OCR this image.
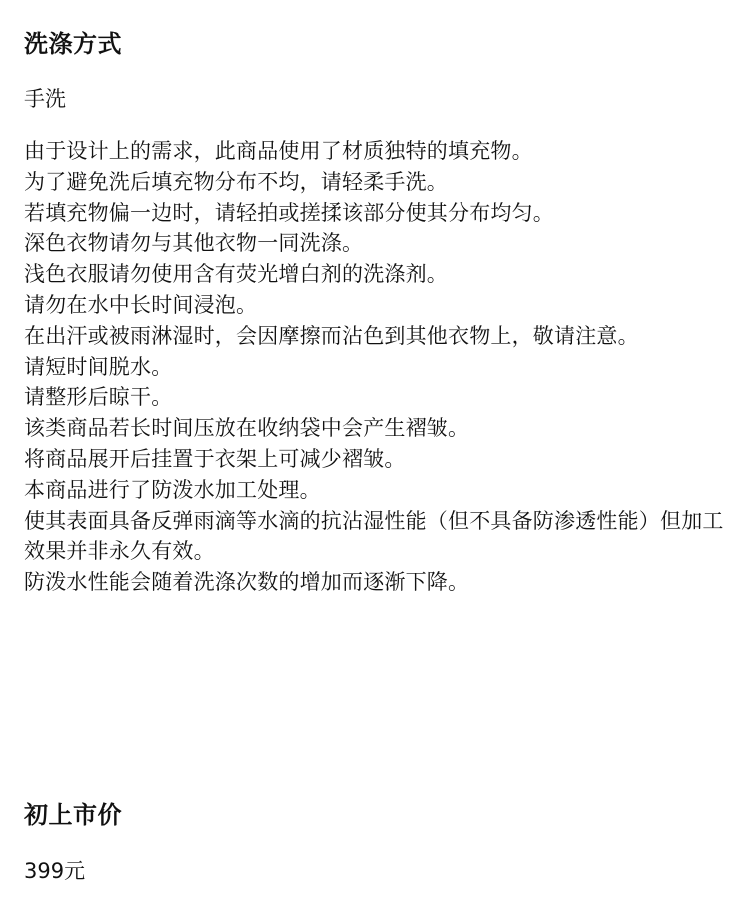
洗涤方式

手洗

由于设计上的需求，此商品使用了材质独特的填充物。
为了避免洗后填充物分布不均，请轻柔手洗。
若填充物偏一边时，请轻拍或搓揉该部分使其分布均匀。
深色衣物请勿与其他衣物一同洗涤。
浅色衣服请勿使用含有荧光增白剂的洗涤剂。
请勿在水中长时间浸泡。
在出汗或被雨淋湿时，会因摩擦而沾色到其他衣物上，敬请注意。
请短时间脱水。
请整形后晾干。
该类商品若长时间压放在收纳袋中会产生褶皱。
将商品展开后挂置于衣架上可减少褶皱。
本商品进行了防泼水加工处理。
使其表面具备反弹雨滴等水滴的抗沾湿性能（但不具备防渗透性能）但加工效果并非永久有效。
防泼水性能会随着洗涤次数的增加而逐渐下降。
初上市价

399元
